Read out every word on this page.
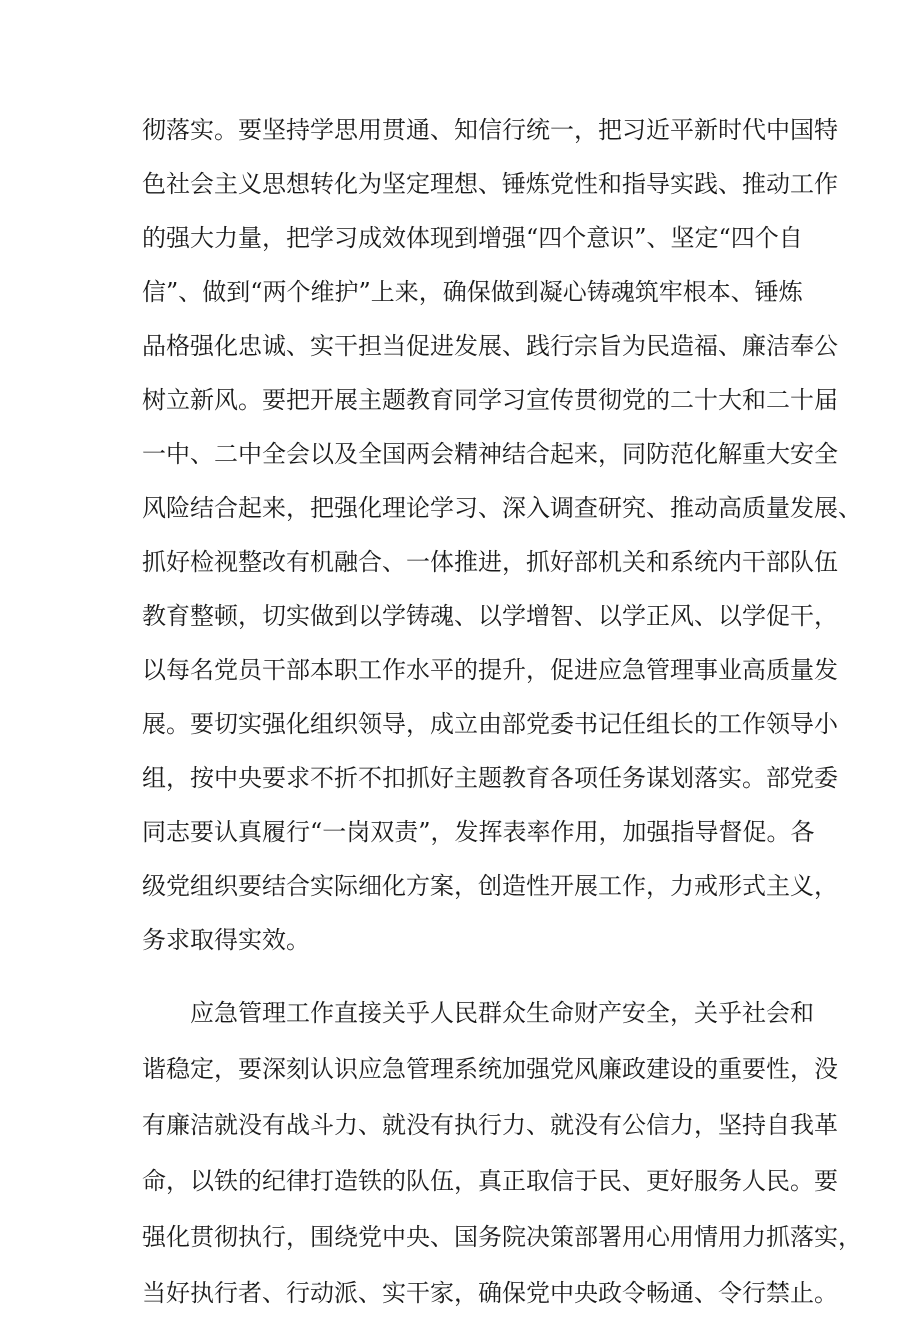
彻落实。要坚持学思用贯通、知信行统一，把习近平新时代中国特
色社会主义思想转化为坚定理想、锤炼党性和指导实践、推动工作
的强大力量，把学习成效体现到增强“四个意识”、坚定“四个自
信”、做到“两个维护”上来，确保做到凝心铸魂筑牢根本、锤炼
品格强化忠诚、实干担当促进发展、践行宗旨为民造福、廉洁奉公
树立新风。要把开展主题教育同学习宣传贯彻党的二十大和二十届
一中、二中全会以及全国两会精神结合起来，同防范化解重大安全
风险结合起来，把强化理论学习、深入调查研究、推动高质量发展、
抓好检视整改有机融合、一体推进，抓好部机关和系统内干部队伍
教育整顿，切实做到以学铸魂、以学增智、以学正风、以学促干，
以每名党员干部本职工作水平的提升，促进应急管理事业高质量发
展。要切实强化组织领导，成立由部党委书记任组长的工作领导小
组，按中央要求不折不扣抓好主题教育各项任务谋划落实。部党委
同志要认真履行“一岗双责”，发挥表率作用，加强指导督促。各
级党组织要结合实际细化方案，创造性开展工作，力戒形式主义，
务求取得实效。
应急管理工作直接关乎人民群众生命财产安全，关乎社会和
谐稳定，要深刻认识应急管理系统加强党风廉政建设的重要性，没
有廉洁就没有战斗力、就没有执行力、就没有公信力，坚持自我革
命，以铁的纪律打造铁的队伍，真正取信于民、更好服务人民。要
强化贯彻执行，围绕党中央、国务院决策部署用心用情用力抓落实，
当好执行者、行动派、实干家，确保党中央政令畅通、令行禁止。
